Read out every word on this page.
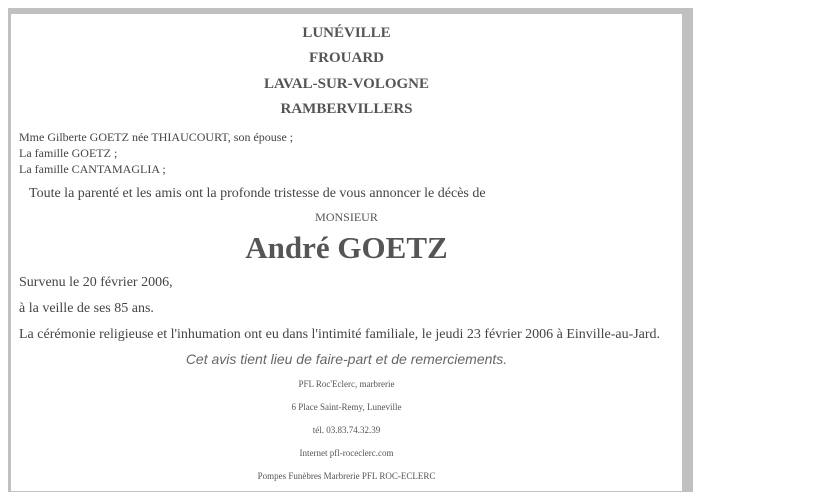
LUNÉVILLE
FROUARD
LAVAL-SUR-VOLOGNE
RAMBERVILLERS
Mme Gilberte GOETZ née THIAUCOURT, son épouse ;
La famille GOETZ ;
La famille CANTAMAGLIA ;
Toute la parenté et les amis ont la profonde tristesse de vous annoncer le décès de
MONSIEUR
André GOETZ
Survenu le 20 février 2006,
à la veille de ses 85 ans.
La cérémonie religieuse et l'inhumation ont eu dans l'intimité familiale, le jeudi 23 février 2006 à Einville-au-Jard.
Cet avis tient lieu de faire-part et de remerciements.
PFL Roc'Eclerc, marbrerie
6 Place Saint-Remy, Luneville
tél. 03.83.74.32.39
Internet pfl-roceclerc.com
Pompes Funèbres Marbrerie PFL ROC-ECLERC
